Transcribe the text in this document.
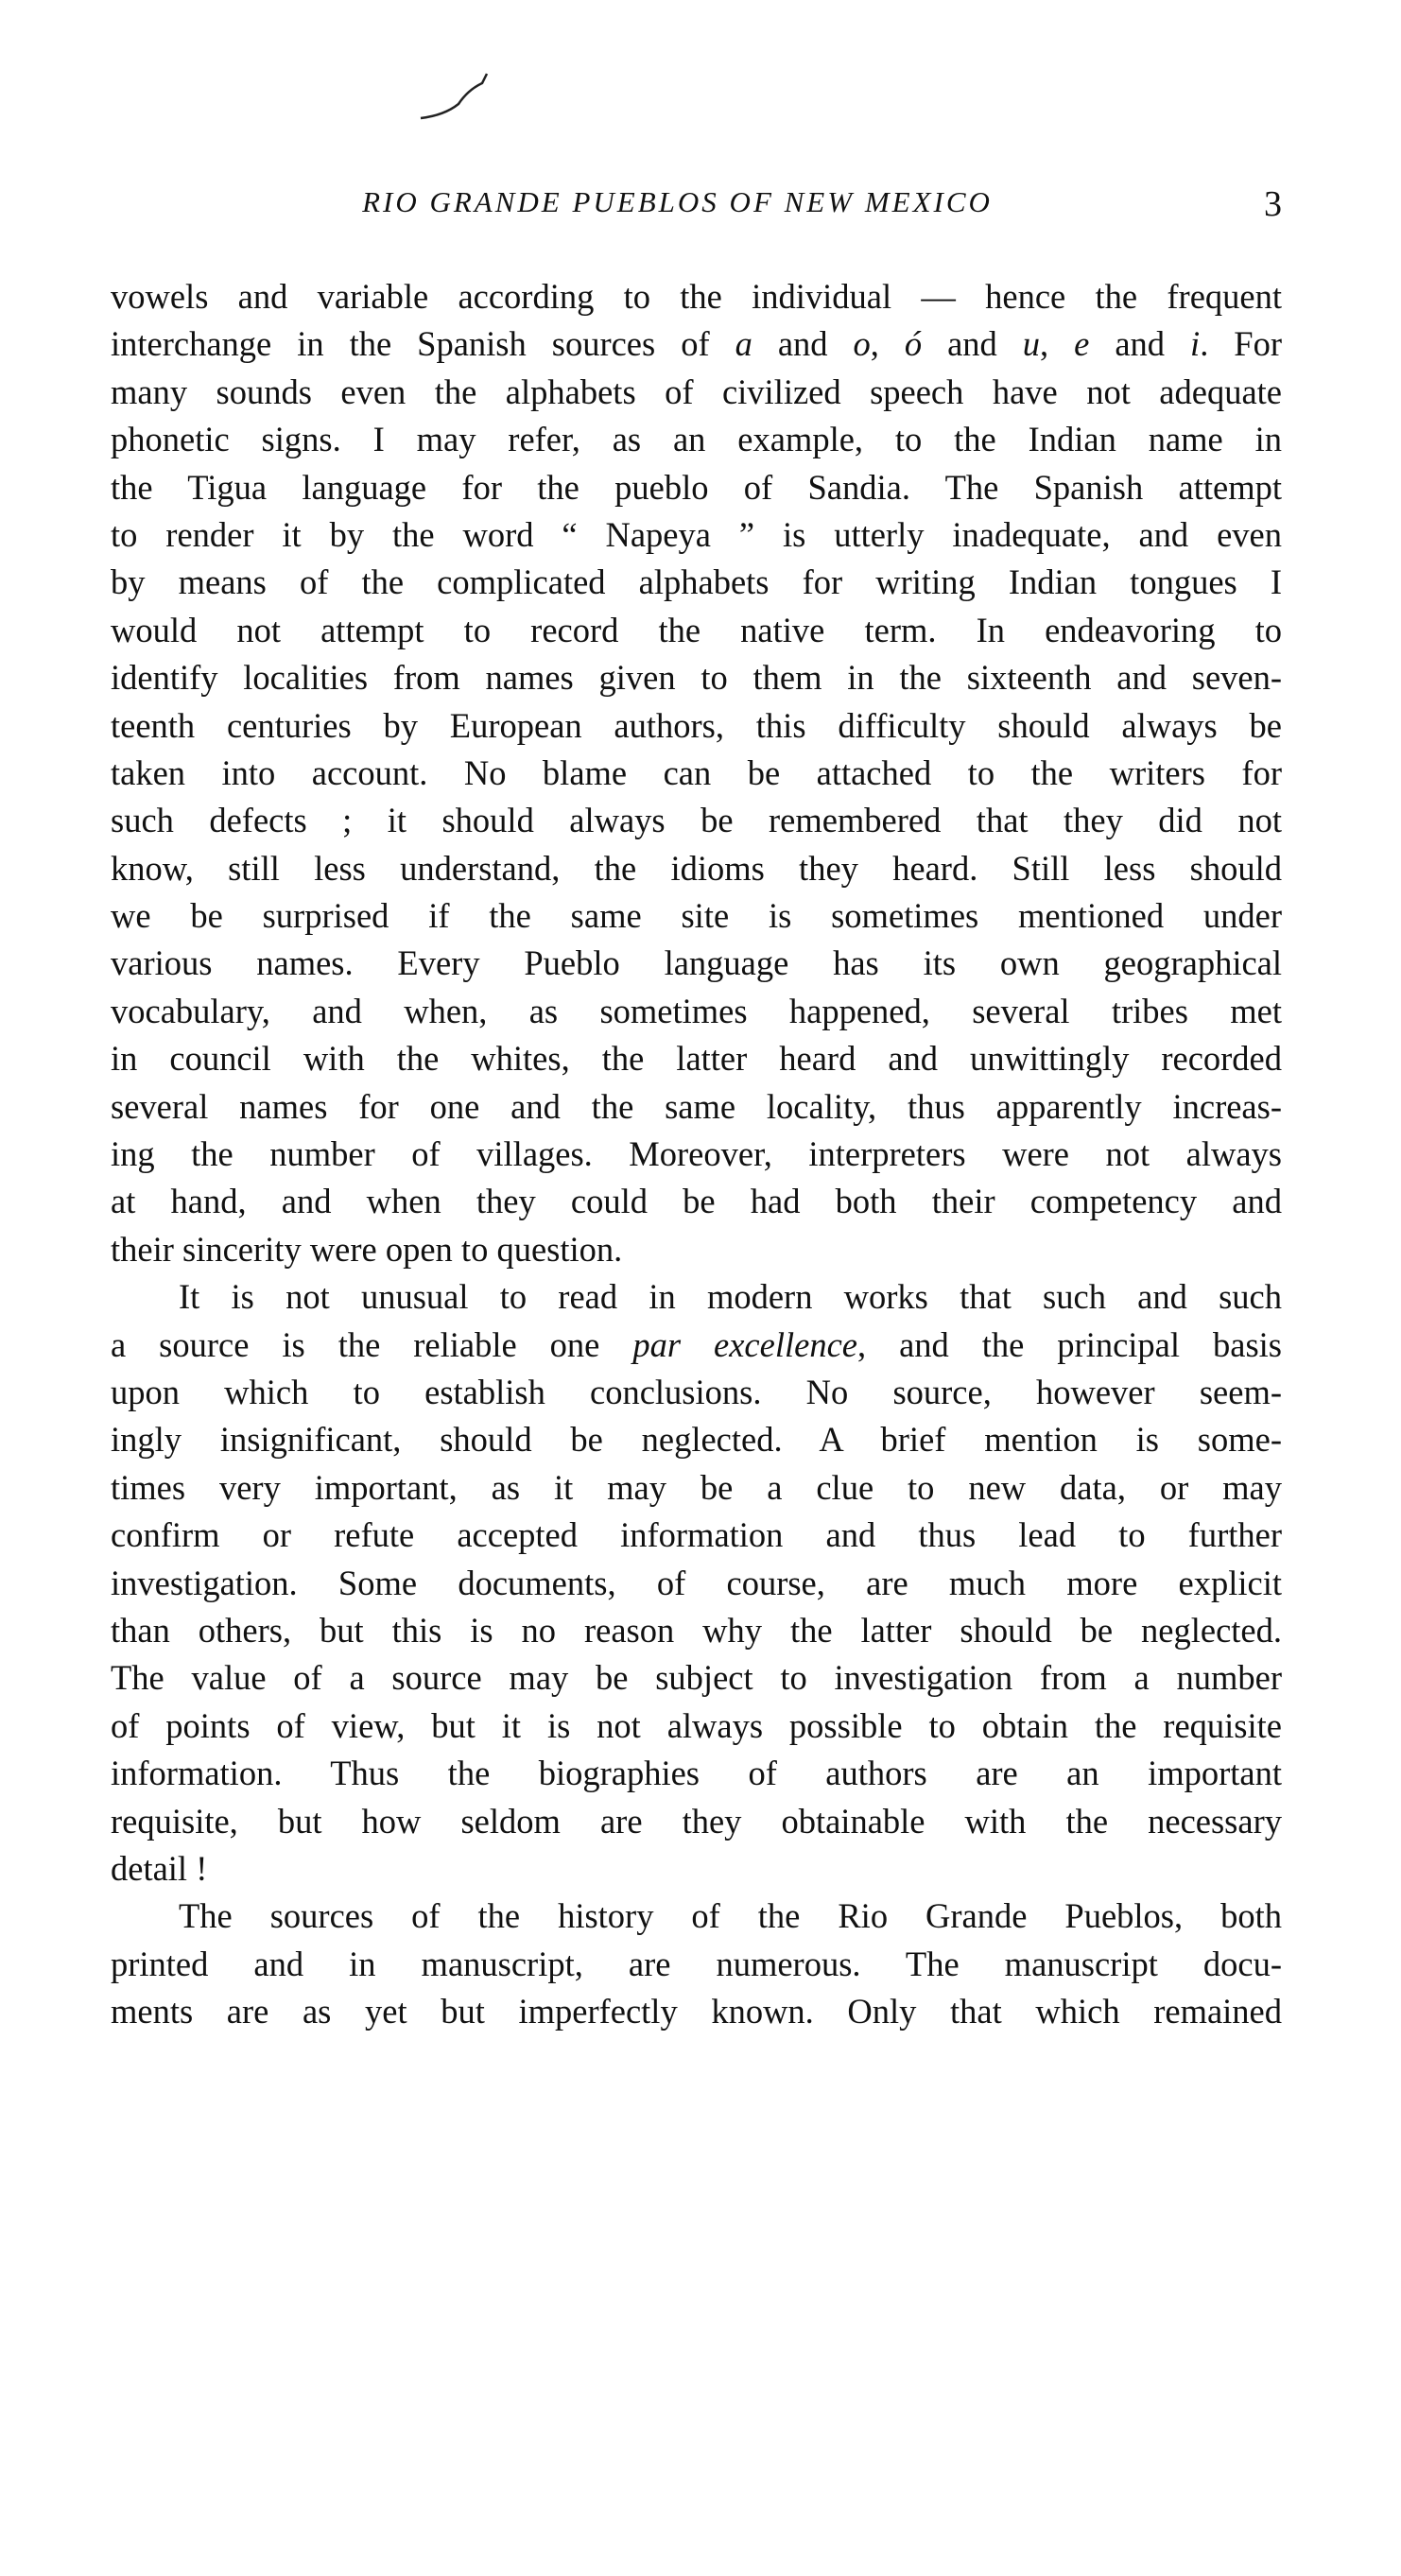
RIO GRANDE PUEBLOS OF NEW MEXICO	3
vowels and variable according to the individual — hence the frequent
interchange in the Spanish sources of a and o, ó and u, e and i. For
many sounds even the alphabets of civilized speech have not adequate
phonetic signs. I may refer, as an example, to the Indian name in
the Tigua language for the pueblo of Sandia. The Spanish attempt
to render it by the word “ Napeya ” is utterly inadequate, and even
by means of the complicated alphabets for writing Indian tongues I
would not attempt to record the native term. In endeavoring to
identify localities from names given to them in the sixteenth and seven-
teenth centuries by European authors, this difficulty should always be
taken into account. No blame can be attached to the writers for
such defects ; it should always be remembered that they did not
know, still less understand, the idioms they heard. Still less should
we be surprised if the same site is sometimes mentioned under
various names. Every Pueblo language has its own geographical
vocabulary, and when, as sometimes happened, several tribes met
in council with the whites, the latter heard and unwittingly recorded
several names for one and the same locality, thus apparently increas-
ing the number of villages. Moreover, interpreters were not always
at hand, and when they could be had both their competency and
their sincerity were open to question.
It is not unusual to read in modern works that such and such
a source is the reliable one par excellence, and the principal basis
upon which to establish conclusions. No source, however seem-
ingly insignificant, should be neglected. A brief mention is some-
times very important, as it may be a clue to new data, or may
confirm or refute accepted information and thus lead to further
investigation. Some documents, of course, are much more explicit
than others, but this is no reason why the latter should be neglected.
The value of a source may be subject to investigation from a number
of points of view, but it is not always possible to obtain the requisite
information. Thus the biographies of authors are an important
requisite, but how seldom are they obtainable with the necessary
detail !
The sources of the history of the Rio Grande Pueblos, both
printed and in manuscript, are numerous. The manuscript docu-
ments are as yet but imperfectly known. Only that which remained
